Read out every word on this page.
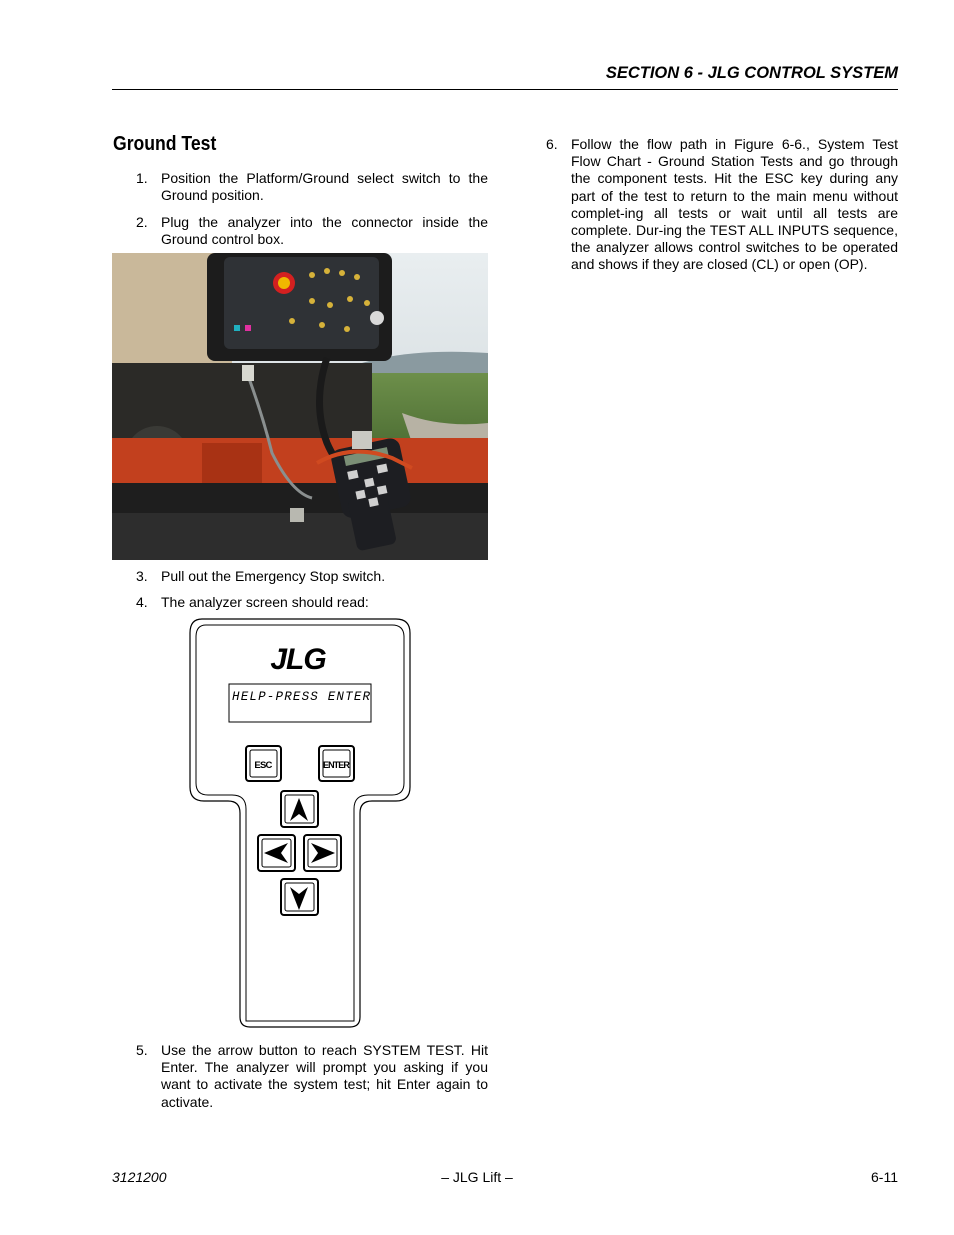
SECTION 6 - JLG CONTROL SYSTEM
Ground Test
1. Position the Platform/Ground select switch to the Ground position.
2. Plug the analyzer into the connector inside the Ground control box.
3. Pull out the Emergency Stop switch.
4. The analyzer screen should read:
JLG
HELP-PRESS ENTER
ESC	ENTER
5. Use the arrow button to reach SYSTEM TEST. Hit Enter. The analyzer will prompt you asking if you want to activate the system test; hit Enter again to activate.
6. Follow the flow path in Figure 6-6., System Test Flow Chart - Ground Station Tests and go through the component tests. Hit the ESC key during any part of the test to return to the main menu without complet-ing all tests or wait until all tests are complete. Dur-ing the TEST ALL INPUTS sequence, the analyzer allows control switches to be operated and shows if they are closed (CL) or open (OP).
3121200	– JLG Lift –	6-11
